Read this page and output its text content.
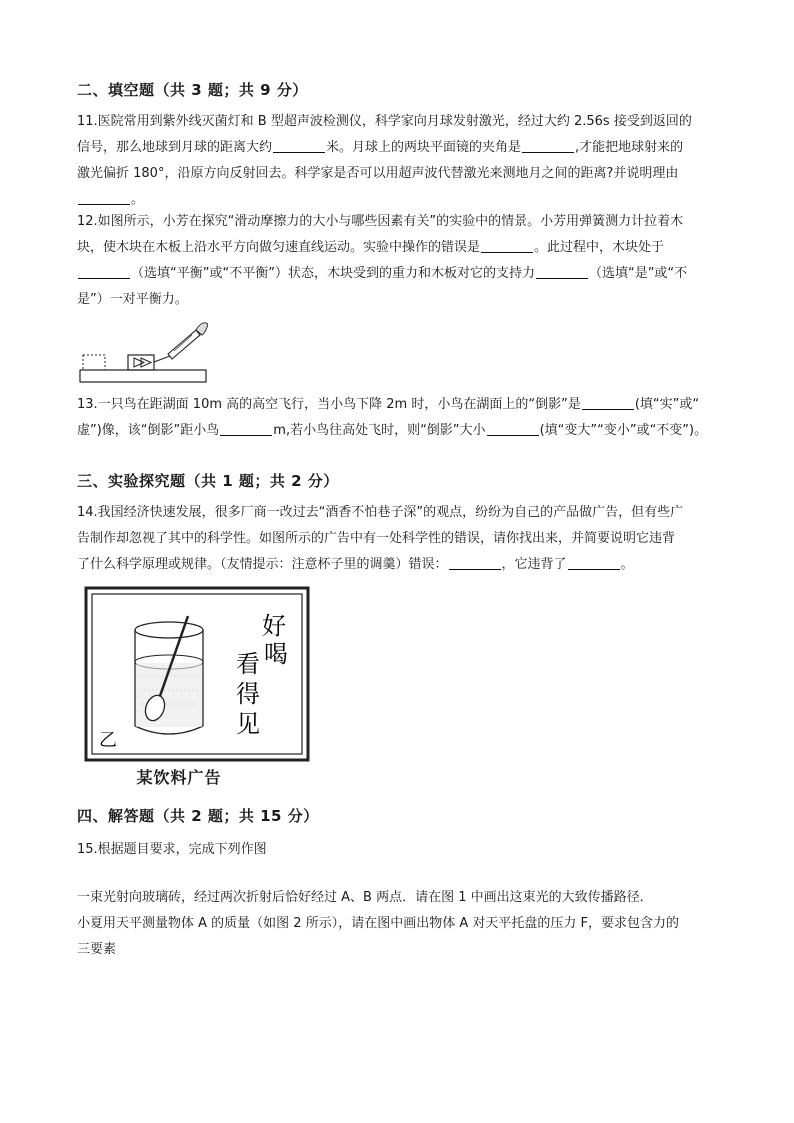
二、填空题（共 3 题；共 9 分）
11.医院常用到紫外线灭菌灯和 B 型超声波检测仪，科学家向月球发射激光，经过大约 2.56s 接受到返回的
信号，那么地球到月球的距离大约	米。月球上的两块平面镜的夹角是	,才能把地球射来的
激光偏折 180°，沿原方向反射回去。科学家是否可以用超声波代替激光来测地月之间的距离?并说明理由
。
12.如图所示，小芳在探究“滑动摩擦力的大小与哪些因素有关”的实验中的情景。小芳用弹簧测力计拉着木
块，使木块在木板上沿水平方向做匀速直线运动。实验中操作的错误是	。此过程中，木块处于
（选填“平衡”或“不平衡”）状态，木块受到的重力和木板对它的支持力	（选填“是”或“不
是”）一对平衡力。
13.一只鸟在距湖面 10m 高的高空飞行，当小鸟下降 2m 时，小鸟在湖面上的“倒影”是	(填“实”或“
虚”)像，该“倒影”距小鸟	m,若小鸟往高处飞时，则“倒影”大小	(填“变大”“变小”或“不变”)。
三、实验探究题（共 1 题；共 2 分）
14.我国经济快速发展，很多厂商一改过去“酒香不怕巷子深”的观点，纷纷为自己的产品做广告，但有些广
告制作却忽视了其中的科学性。如图所示的广告中有一处科学性的错误，请你找出来，并简要说明它违背
了什么科学原理或规律。（友情提示：注意杯子里的调羹）错误：	，它违背了	。
乙
好
喝
看
得
见
某饮料广告
四、解答题（共 2 题；共 15 分）
15.根据题目要求，完成下列作图
一束光射向玻璃砖，经过两次折射后恰好经过 A、B 两点．请在图 1 中画出这束光的大致传播路径．
小夏用天平测量物体 A 的质量（如图 2 所示），请在图中画出物体 A 对天平托盘的压力 F，要求包含力的
三要素
